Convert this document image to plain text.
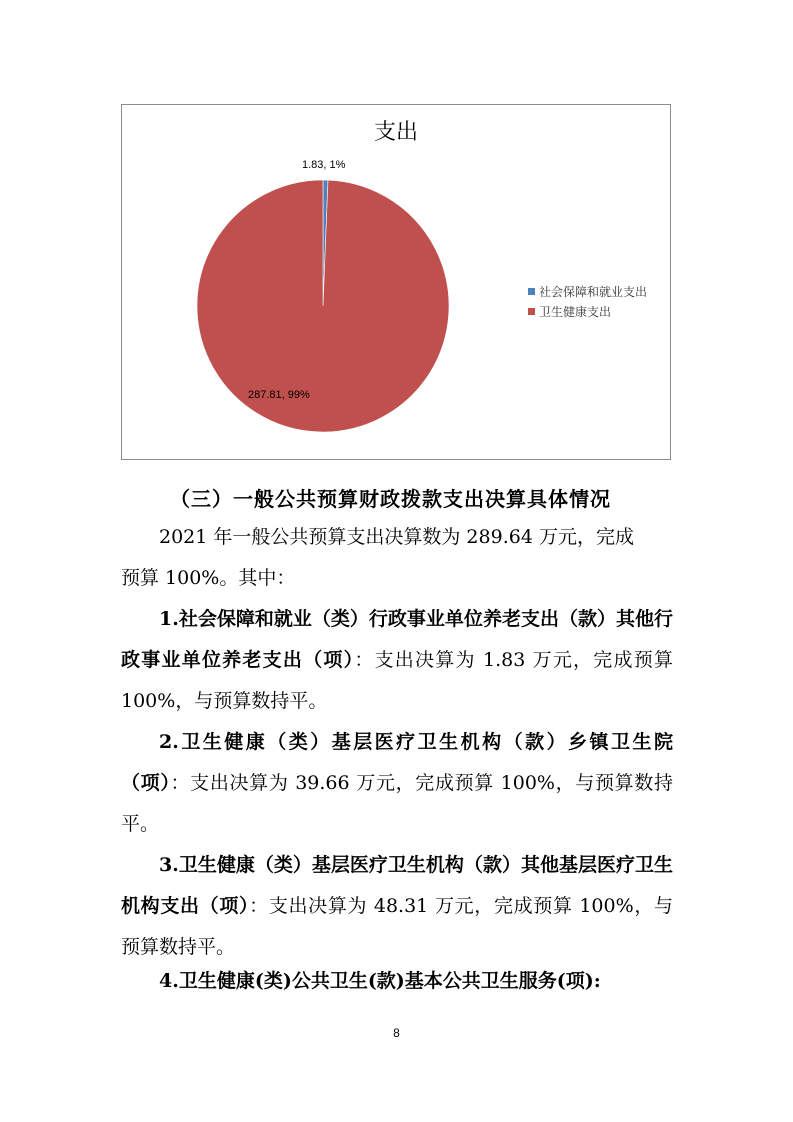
1.83, 1%
287.81, 99%
支出
社会保障和就业支出
卫生健康支出
（三）一般公共预算财政拨款支出决算具体情况
2021 年一般公共预算支出决算数为 289.64 万元，完成
预算 100%。其中：
1.社会保障和就业（类）行政事业单位养老支出（款）其他行政事业单位养老支出（项）：支出决算为 1.83 万元，完成预算 100%，与预算数持平。
2.卫生健康（类）基层医疗卫生机构（款）乡镇卫生院（项）：支出决算为 39.66 万元，完成预算 100%，与预算数持平。
3.卫生健康（类）基层医疗卫生机构（款）其他基层医疗卫生机构支出（项）：支出决算为 48.31 万元，完成预算 100%，与预算数持平。
4.卫生健康(类)公共卫生(款)基本公共卫生服务(项):
8
